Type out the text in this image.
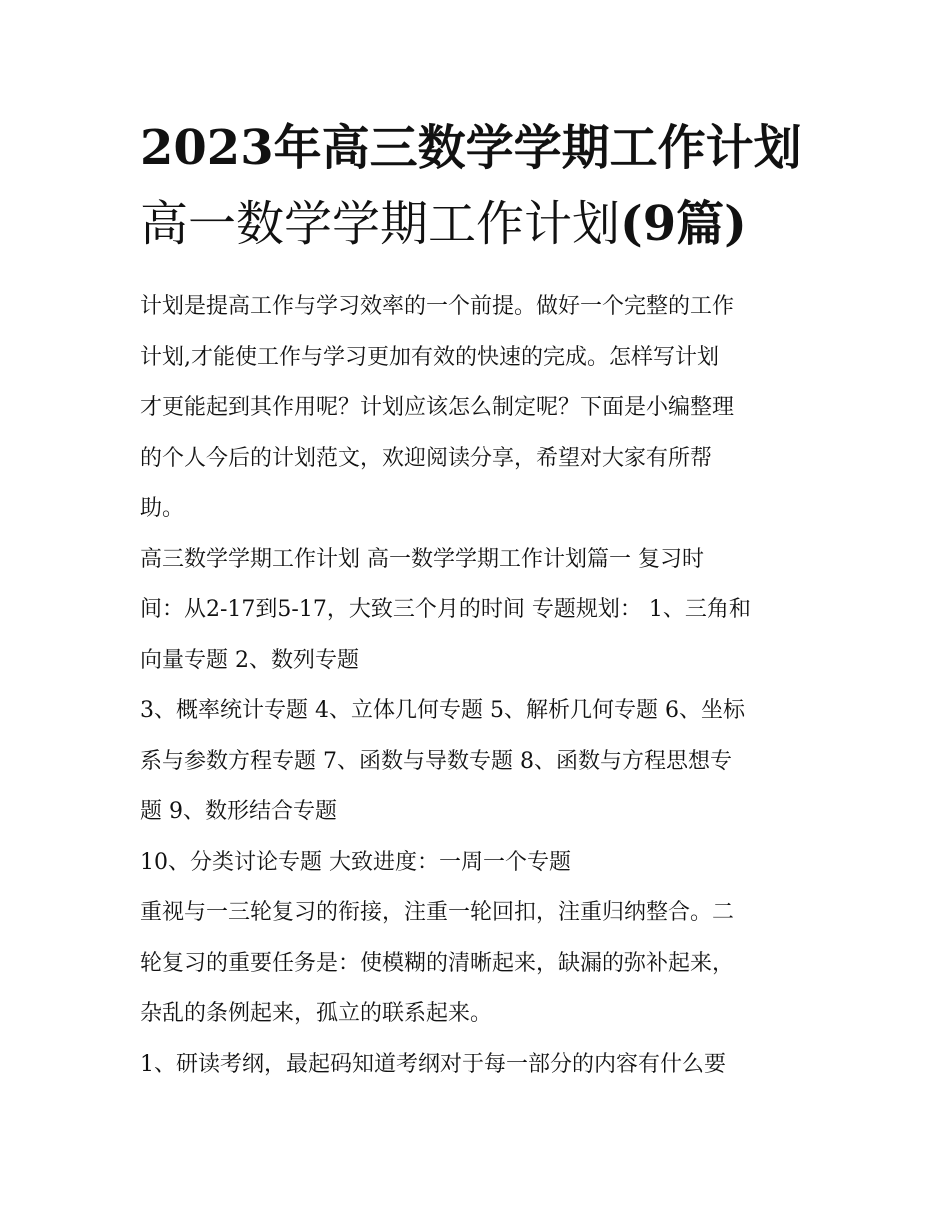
2023年高三数学学期工作计划
高一数学学期工作计划(9篇)
计划是提高工作与学习效率的一个前提。做好一个完整的工作
计划,才能使工作与学习更加有效的快速的完成。怎样写计划
才更能起到其作用呢？计划应该怎么制定呢？下面是小编整理
的个人今后的计划范文，欢迎阅读分享，希望对大家有所帮
助。
高三数学学期工作计划 高一数学学期工作计划篇一 复习时
间：从2-17到5-17，大致三个月的时间 专题规划： 1、三角和
向量专题 2、数列专题
3、概率统计专题 4、立体几何专题 5、解析几何专题 6、坐标
系与参数方程专题 7、函数与导数专题 8、函数与方程思想专
题 9、数形结合专题
10、分类讨论专题 大致进度：一周一个专题
重视与一三轮复习的衔接，注重一轮回扣，注重归纳整合。二
轮复习的重要任务是：使模糊的清晰起来，缺漏的弥补起来，
杂乱的条例起来，孤立的联系起来。
1、研读考纲，最起码知道考纲对于每一部分的内容有什么要
